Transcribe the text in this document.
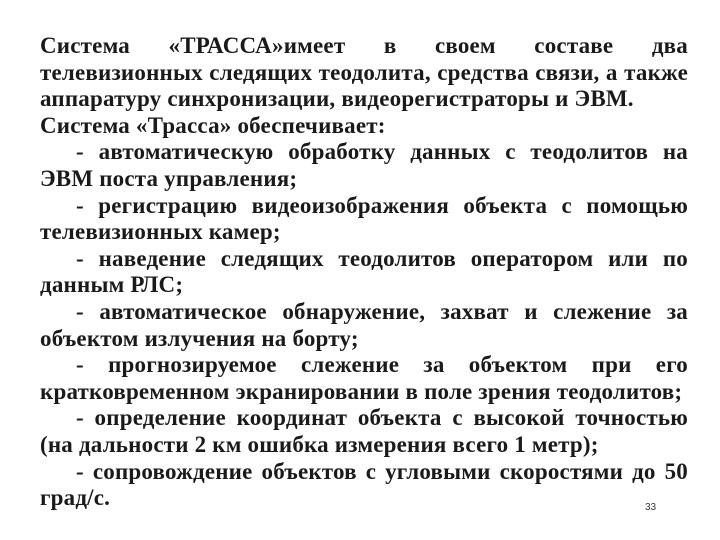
Система «ТРАССА»имеет в своем составе два телевизионных следящих теодолита, средства связи, а также аппаратуру синхронизации, видеорегистраторы и ЭВМ.

Система «Трасса» обеспечивает:

- автоматическую обработку данных с теодолитов на ЭВМ поста управления;

- регистрацию видеоизображения объекта с помощью телевизионных камер;

- наведение следящих теодолитов оператором или по данным РЛС;

- автоматическое обнаружение, захват и слежение за объектом излучения на борту;

- прогнозируемое слежение за объектом при его кратковременном экранировании в поле зрения теодолитов;

- определение координат объекта с высокой точностью (на дальности 2 км ошибка измерения всего 1 метр);

- сопровождение объектов с угловыми скоростями до 50 град/с.	33
